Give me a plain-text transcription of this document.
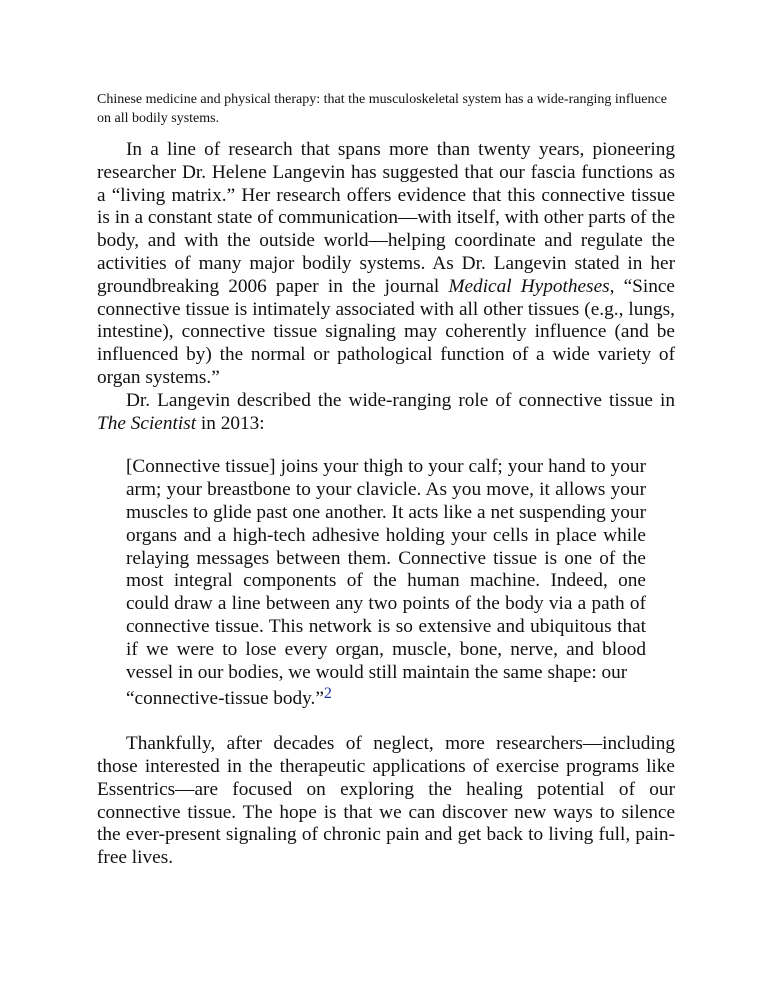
Chinese medicine and physical therapy: that the musculoskeletal system has a wide-ranging influence on all bodily systems.

In a line of research that spans more than twenty years, pioneering researcher Dr. Helene Langevin has suggested that our fascia functions as a “living matrix.” Her research offers evidence that this connective tissue is in a constant state of communication—with itself, with other parts of the body, and with the outside world—helping coordinate and regulate the activities of many major bodily systems. As Dr. Langevin stated in her groundbreaking 2006 paper in the journal Medical Hypotheses, “Since connective tissue is intimately associated with all other tissues (e.g., lungs, intestine), connective tissue signaling may coherently influence (and be influenced by) the normal or pathological function of a wide variety of organ systems.”

Dr. Langevin described the wide-ranging role of connective tissue in The Scientist in 2013:

[Connective tissue] joins your thigh to your calf; your hand to your arm; your breastbone to your clavicle. As you move, it allows your muscles to glide past one another. It acts like a net suspending your organs and a high-tech adhesive holding your cells in place while relaying messages between them. Connective tissue is one of the most integral components of the human machine. Indeed, one could draw a line between any two points of the body via a path of connective tissue. This network is so extensive and ubiquitous that if we were to lose every organ, muscle, bone, nerve, and blood vessel in our bodies, we would still maintain the same shape: our
“connective-tissue body.”$^2$

Thankfully, after decades of neglect, more researchers—including those interested in the therapeutic applications of exercise programs like Essentrics—are focused on exploring the healing potential of our connective tissue. The hope is that we can discover new ways to silence the ever-present signaling of chronic pain and get back to living full, pain-free lives.
